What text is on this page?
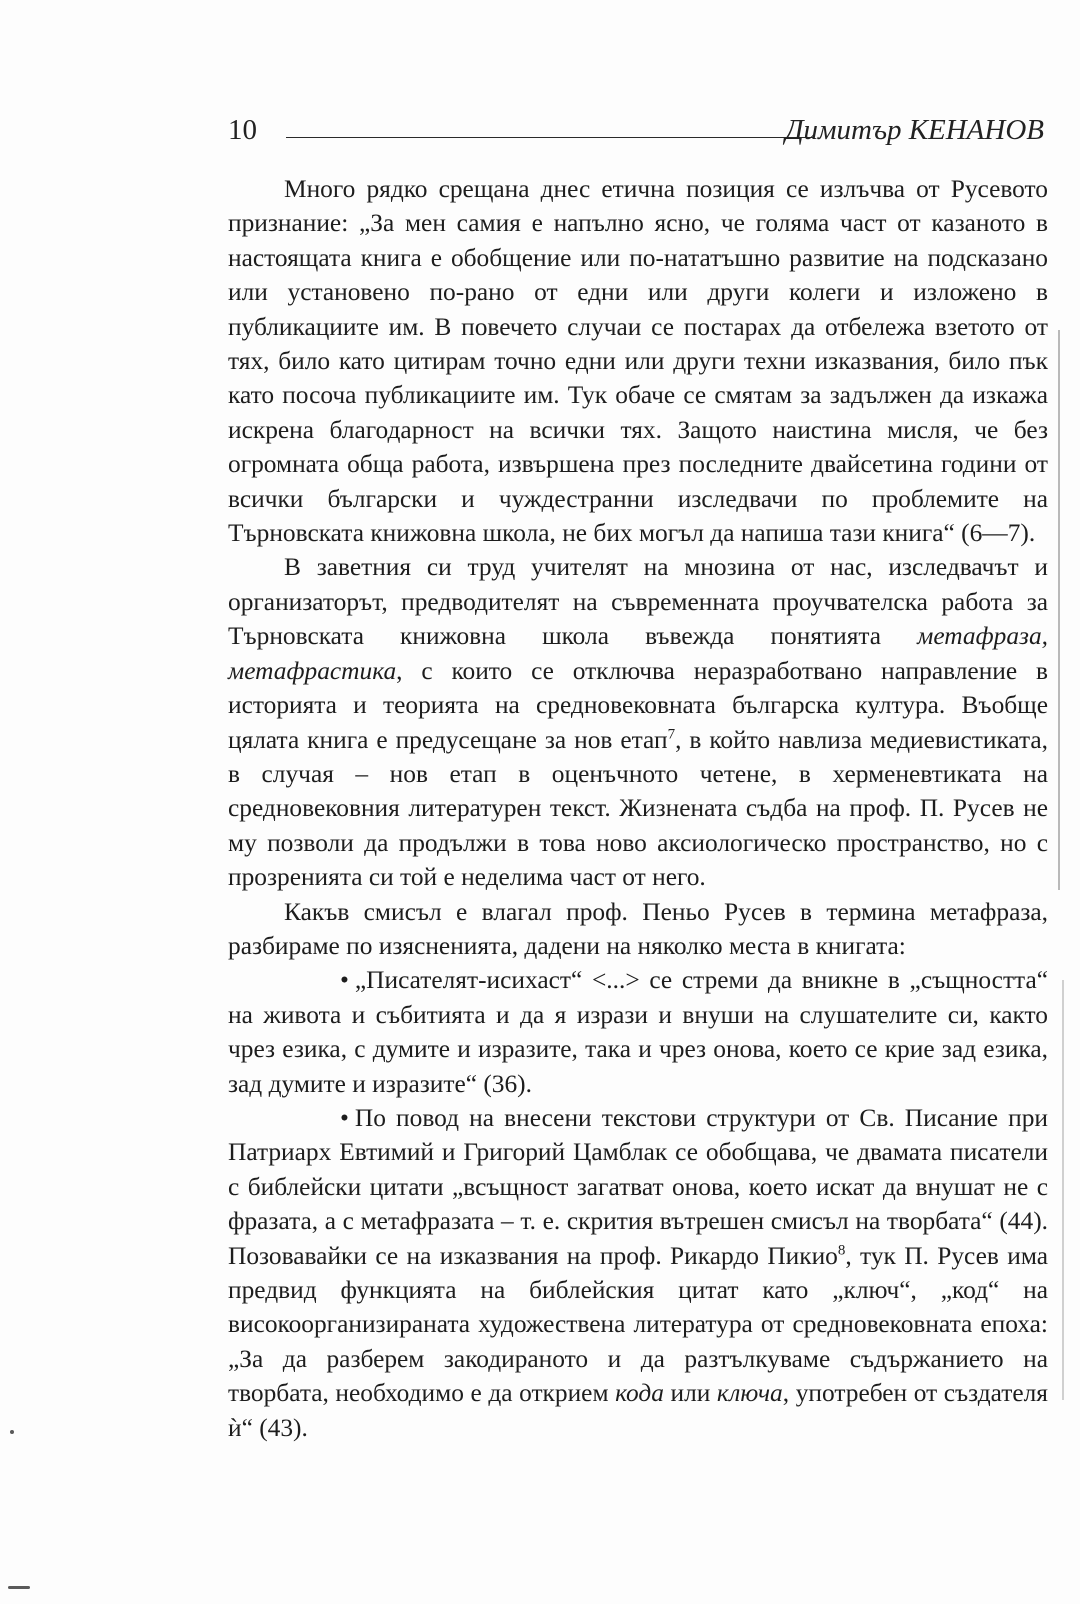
10	Димитър КЕНАНОВ

Много рядко срещана днес етична позиция се излъчва от Русевото признание: „За мен самия е напълно ясно, че голяма част от казаното в настоящата книга е обобщение или по-нататъшно развитие на подсказано или установено по-рано от едни или други колеги и изложено в публикациите им. В повечето случаи се постарах да отбележа взетото от тях, било като цитирам точно едни или други техни изказвания, било пък като посоча публикациите им. Тук обаче се смятам за задължен да изкажа искрена благодарност на всички тях. Защото наистина мисля, че без огромната обща работа, извършена през последните двайсетина години от всички български и чуждестранни изследвачи по проблемите на Търновската книжовна школа, не бих могъл да напиша тази книга“ (6—7).

В заветния си труд учителят на мнозина от нас, изследвачът и организаторът, предводителят на съвременната проучвателска работа за Търновската книжовна школа въвежда понятията метафраза, метафрастика, с които се отключва неразработвано направление в историята и теорията на средновековната българска култура. Въобще цялата книга е предусещане за нов етап$^7$, в който навлиза медиевистиката, в случая – нов етап в оценъчното четене, в херменевтиката на средновековния литературен текст. Жизнената съдба на проф. П. Русев не му позволи да продължи в това ново аксиологическо пространство, но с прозренията си той е неделима част от него.

Какъв смисъл е влагал проф. Пеньо Русев в термина метафраза, разбираме по изясненията, дадени на няколко места в книгата:

• „Писателят-исихаст“ <...> се стреми да вникне в „същността“ на живота и събитията и да я изрази и внуши на слушателите си, както чрез езика, с думите и изразите, така и чрез онова, което се крие зад езика, зад думите и изразите“ (36).

• По повод на внесени текстови структури от Св. Писание при Патриарх Евтимий и Григорий Цамблак се обобщава, че двамата писатели с библейски цитати „всъщност загатват онова, което искат да внушат не с фразата, а с метафразата – т. е. скрития вътрешен смисъл на творбата“ (44). Позовавайки се на изказвания на проф. Рикардо Пикио$^8$, тук П. Русев има предвид функцията на библейския цитат като „ключ“, „код“ на високоорганизираната художествена литература от средновековната епоха: „За да разберем закодираното и да разтълкуваме съдържанието на творбата, необходимо е да открием кода или ключа, употребен от създателя ѝ“ (43).
